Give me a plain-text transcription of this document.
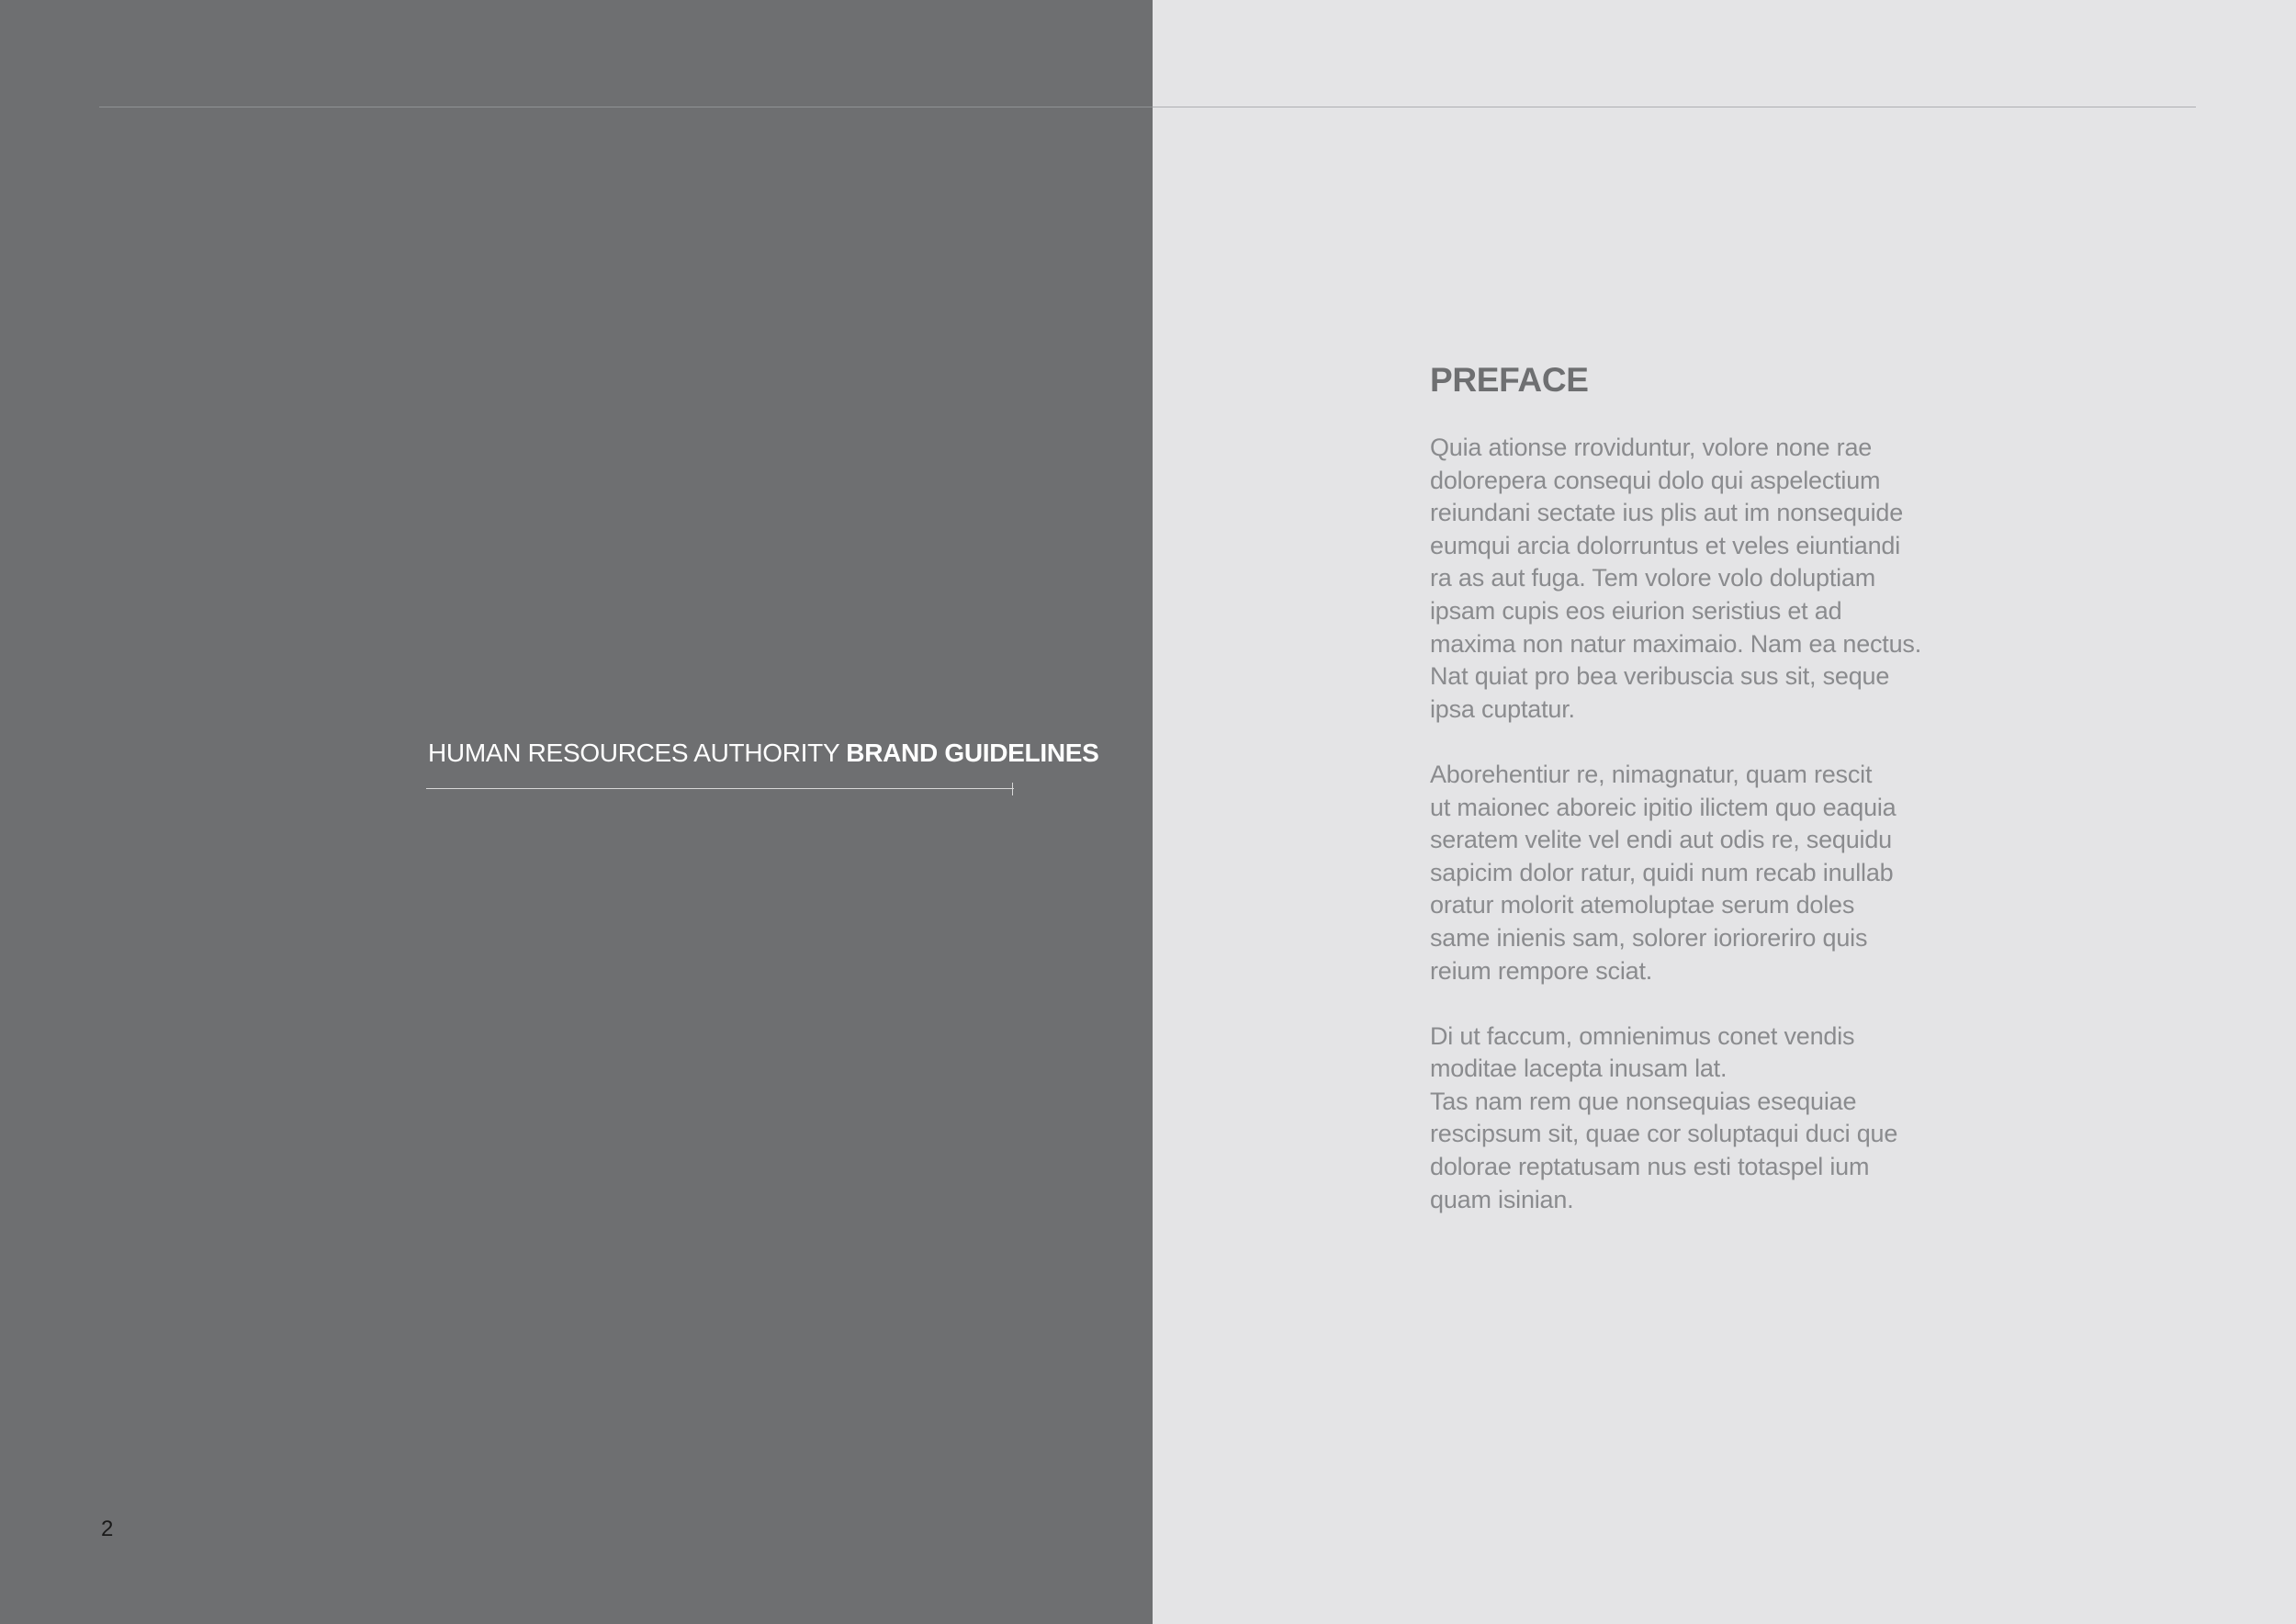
HUMAN RESOURCES AUTHORITY BRAND GUIDELINES
2
PREFACE

Quia ationse rroviduntur, volore none rae
dolorepera consequi dolo qui aspelectium
reiundani sectate ius plis aut im nonsequide
eumqui arcia dolorruntus et veles eiuntiandi
ra as aut fuga. Tem volore volo doluptiam
ipsam cupis eos eiurion seristius et ad
maxima non natur maximaio. Nam ea nectus.
Nat quiat pro bea veribuscia sus sit, seque
ipsa cuptatur.

Aborehentiur re, nimagnatur, quam rescit
ut maionec aboreic ipitio ilictem quo eaquia
seratem velite vel endi aut odis re, sequidu
sapicim dolor ratur, quidi num recab inullab
oratur molorit atemoluptae serum doles
same inienis sam, solorer iorioreriro quis
reium rempore sciat.

Di ut faccum, omnienimus conet vendis
moditae lacepta inusam lat.
Tas nam rem que nonsequias esequiae
rescipsum sit, quae cor soluptaqui duci que
dolorae reptatusam nus esti totaspel ium
quam isinian.
